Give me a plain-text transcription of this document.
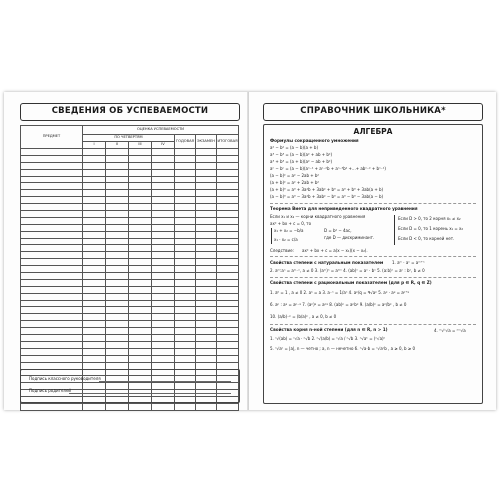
СВЕДЕНИЯ ОБ УСПЕВАЕМОСТИ
ПРЕДМЕТ	ОЦЕНКА УСПЕВАЕМОСТИ						
	ПО ЧЕТВЕРТЯМ				ГОДОВАЯ	ЭКЗАМЕН	ИТОГОВАЯ
	I	II	III	IV			

Подпись классного руководителя
Подпись родителей
СПРАВОЧНИК ШКОЛЬНИКА*
АЛГЕБРА
Формулы сокращенного умножения
a² − b² = (a − b)(a + b)
a³ − b³ = (a − b)(a² + ab + b²)
a³ + b³ = (a + b)(a² − ab + b²)
aⁿ − bⁿ = (a − b)(aⁿ⁻¹ + aⁿ⁻²b + aⁿ⁻³b² +...+ abⁿ⁻² + bⁿ⁻¹)
(a − b)² = a² − 2ab + b²
(a + b)² = a² + 2ab + b²
(a + b)³ = a³ + 3a²b + 3ab² + b³ = a³ + b³ + 3ab(a + b)
(a − b)³ = a³ − 3a²b + 3ab² − b³ = a³ − b³ − 3ab(a − b)
Теорема Виета для неприведенного квадратного уравнения
Если x₁ и x₂ — корни квадратного уравнения
ax² + bx + c = 0, то
x₁ + x₂ = −b/a	D = b² − 4ac,
x₁ · x₂ = c/a	где D — дискриминант.
Следствие: ax² + bx + c = a(x − x₁)(x − x₂).
Если D > 0, то 2 корня x₁ ≠ x₂
Если D = 0, то 1 корень x₁ = x₂
Если D < 0, то корней нет.
Свойства степени с натуральным показателем 1. aᵐ · aⁿ = aᵐ⁺ⁿ
2. aᵐ:aⁿ = aᵐ⁻ⁿ, a ≠ 0 3. (aᵐ)ⁿ = aᵐⁿ 4. (ab)ⁿ = aⁿ · bⁿ 5. (a:b)ⁿ = aⁿ : bⁿ, b ≠ 0
Свойства степени с рациональным показателем (для p ∈ R, q ∈ Z)
1. a⁰ = 1 , a ≠ 0 2. a¹ = a 3. a⁻ⁿ = 1/aⁿ 4. aᵖ/q = ᑫ√aᵖ 5. aᵖ · aᵍ = aᵖ⁺ᵍ
6. aᵖ : aᵍ = aᵖ⁻ᵍ 7. (aᵖ)ᵍ = aᵖᵍ 8. (ab)ᵖ = aᵖbᵖ 9. (a/b)ᵖ = aᵖ/bᵖ , b ≠ 0
10. (a/b)⁻ᵖ = (b/a)ᵖ , a ≠ 0, b ≠ 0
Свойства корня n-ной степени (для n ∈ R, n > 1)
1. ⁿ√(ab) = ⁿ√a · ⁿ√b 2. ⁿ√(a/b) = ⁿ√a / ⁿ√b 3. ⁿ√aᵏ = (ⁿ√a)ᵏ
4. ᵐ√ⁿ√a = ᵐⁿ√a
5. ⁿ√aⁿ = |a|, n — четно ; a, n — нечетно 6. ⁿ√a·b = ⁿ√aⁿb , a ≥ 0, b ≥ 0
